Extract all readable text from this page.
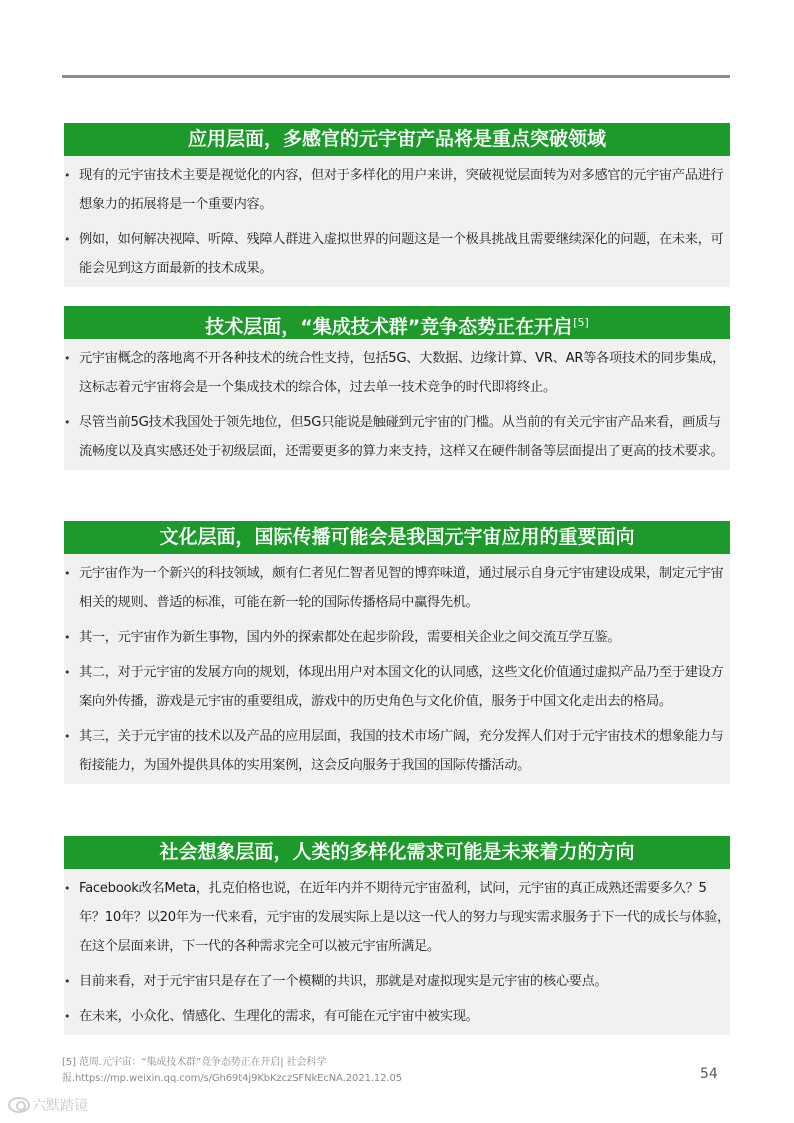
应用层面，多感官的元宇宙产品将是重点突破领域
• 现有的元宇宙技术主要是视觉化的内容，但对于多样化的用户来讲，突破视觉层面转为对多感官的元宇宙产品进行想象力的拓展将是一个重要内容。
• 例如，如何解决视障、听障、残障人群进入虚拟世界的问题这是一个极具挑战且需要继续深化的问题，在未来，可能会见到这方面最新的技术成果。
技术层面，“集成技术群”竞争态势正在开启[5]
• 元宇宙概念的落地离不开各种技术的统合性支持，包括5G、大数据、边缘计算、VR、AR等各项技术的同步集成，这标志着元宇宙将会是一个集成技术的综合体，过去单一技术竞争的时代即将终止。
• 尽管当前5G技术我国处于领先地位，但5G只能说是触碰到元宇宙的门槛。从当前的有关元宇宙产品来看，画质与流畅度以及真实感还处于初级层面，还需要更多的算力来支持，这样又在硬件制备等层面提出了更高的技术要求。
文化层面，国际传播可能会是我国元宇宙应用的重要面向
• 元宇宙作为一个新兴的科技领域，颇有仁者见仁智者见智的博弈味道，通过展示自身元宇宙建设成果，制定元宇宙相关的规则、普适的标准，可能在新一轮的国际传播格局中赢得先机。
• 其一，元宇宙作为新生事物，国内外的探索都处在起步阶段，需要相关企业之间交流互学互鉴。
• 其二，对于元宇宙的发展方向的规划，体现出用户对本国文化的认同感，这些文化价值通过虚拟产品乃至于建设方案向外传播，游戏是元宇宙的重要组成，游戏中的历史角色与文化价值，服务于中国文化走出去的格局。
• 其三，关于元宇宙的技术以及产品的应用层面，我国的技术市场广阔，充分发挥人们对于元宇宙技术的想象能力与衔接能力，为国外提供具体的实用案例，这会反向服务于我国的国际传播活动。
社会想象层面，人类的多样化需求可能是未来着力的方向
• Facebook改名Meta，扎克伯格也说，在近年内并不期待元宇宙盈利，试问，元宇宙的真正成熟还需要多久？5年？10年？以20年为一代来看，元宇宙的发展实际上是以这一代人的努力与现实需求服务于下一代的成长与体验，在这个层面来讲，下一代的各种需求完全可以被元宇宙所满足。
• 目前来看，对于元宇宙只是存在了一个模糊的共识，那就是对虚拟现实是元宇宙的核心要点。
• 在未来，小众化、情感化、生理化的需求，有可能在元宇宙中被实现。
[5] 范周.元宇宙：“集成技术群”竞争态势正在开启| 社会科学
报.https://mp.weixin.qq.com/s/Gh69t4j9KbKzczSFNkEcNA.2021.12.05	54
六默踏镜
